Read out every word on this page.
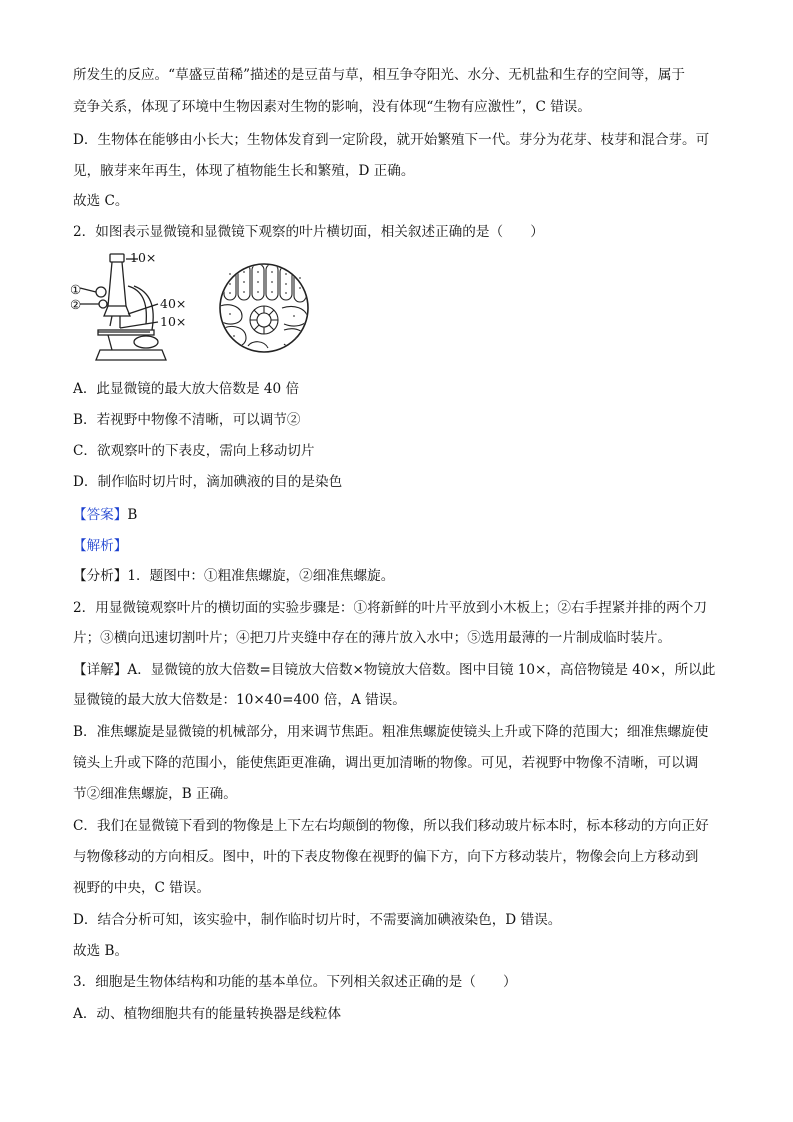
所发生的反应。“草盛豆苗稀”描述的是豆苗与草，相互争夺阳光、水分、无机盐和生存的空间等，属于
竞争关系，体现了环境中生物因素对生物的影响，没有体现“生物有应激性”，C 错误。
D．生物体在能够由小长大；生物体发育到一定阶段，就开始繁殖下一代。芽分为花芽、枝芽和混合芽。可
见，腋芽来年再生，体现了植物能生长和繁殖，D 正确。
故选 C。
2．如图表示显微镜和显微镜下观察的叶片横切面，相关叙述正确的是（　　）
10×
①
②	40×
10×
A．此显微镜的最大放大倍数是 40 倍
B．若视野中物像不清晰，可以调节②
C．欲观察叶的下表皮，需向上移动切片
D．制作临时切片时，滴加碘液的目的是染色
【答案】B
【解析】
【分析】1．题图中：①粗准焦螺旋，②细准焦螺旋。
2．用显微镜观察叶片的横切面的实验步骤是：①将新鲜的叶片平放到小木板上；②右手捏紧并排的两个刀
片；③横向迅速切割叶片；④把刀片夹缝中存在的薄片放入水中；⑤选用最薄的一片制成临时装片。
【详解】A．显微镜的放大倍数=目镜放大倍数×物镜放大倍数。图中目镜 10×，高倍物镜是 40×，所以此
显微镜的最大放大倍数是：10×40=400 倍，A 错误。
B．准焦螺旋是显微镜的机械部分，用来调节焦距。粗准焦螺旋使镜头上升或下降的范围大；细准焦螺旋使
镜头上升或下降的范围小，能使焦距更准确，调出更加清晰的物像。可见，若视野中物像不清晰，可以调
节②细准焦螺旋，B 正确。
C．我们在显微镜下看到的物像是上下左右均颠倒的物像，所以我们移动玻片标本时，标本移动的方向正好
与物像移动的方向相反。图中，叶的下表皮物像在视野的偏下方，向下方移动装片，物像会向上方移动到
视野的中央，C 错误。
D．结合分析可知，该实验中，制作临时切片时，不需要滴加碘液染色，D 错误。
故选 B。
3．细胞是生物体结构和功能的基本单位。下列相关叙述正确的是（　　）
A．动、植物细胞共有的能量转换器是线粒体
